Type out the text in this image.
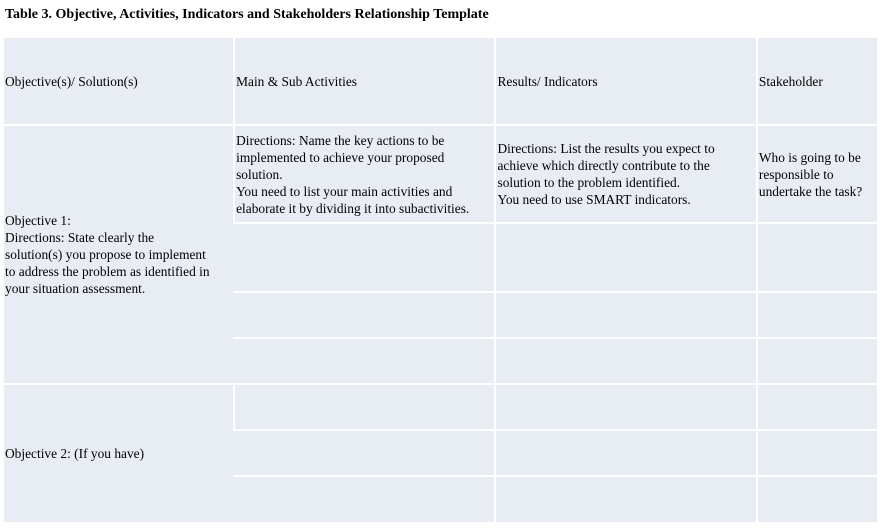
Table 3. Objective, Activities, Indicators and Stakeholders Relationship Template
Objective(s)/ Solution(s)	Main & Sub Activities	Results/ Indicators	Stakeholder

Objective 1:
Directions: State clearly the
solution(s) you propose to implement
to address the problem as identified in
your situation assessment.	Directions: Name the key actions to be
implemented to achieve your proposed
solution.
You need to list your main activities and
elaborate it by dividing it into subactivities.	Directions: List the results you expect to
achieve which directly contribute to the
solution to the problem identified.
You need to use SMART indicators.	Who is going to be
responsible to
undertake the task?

Objective 2: (If you have)			
